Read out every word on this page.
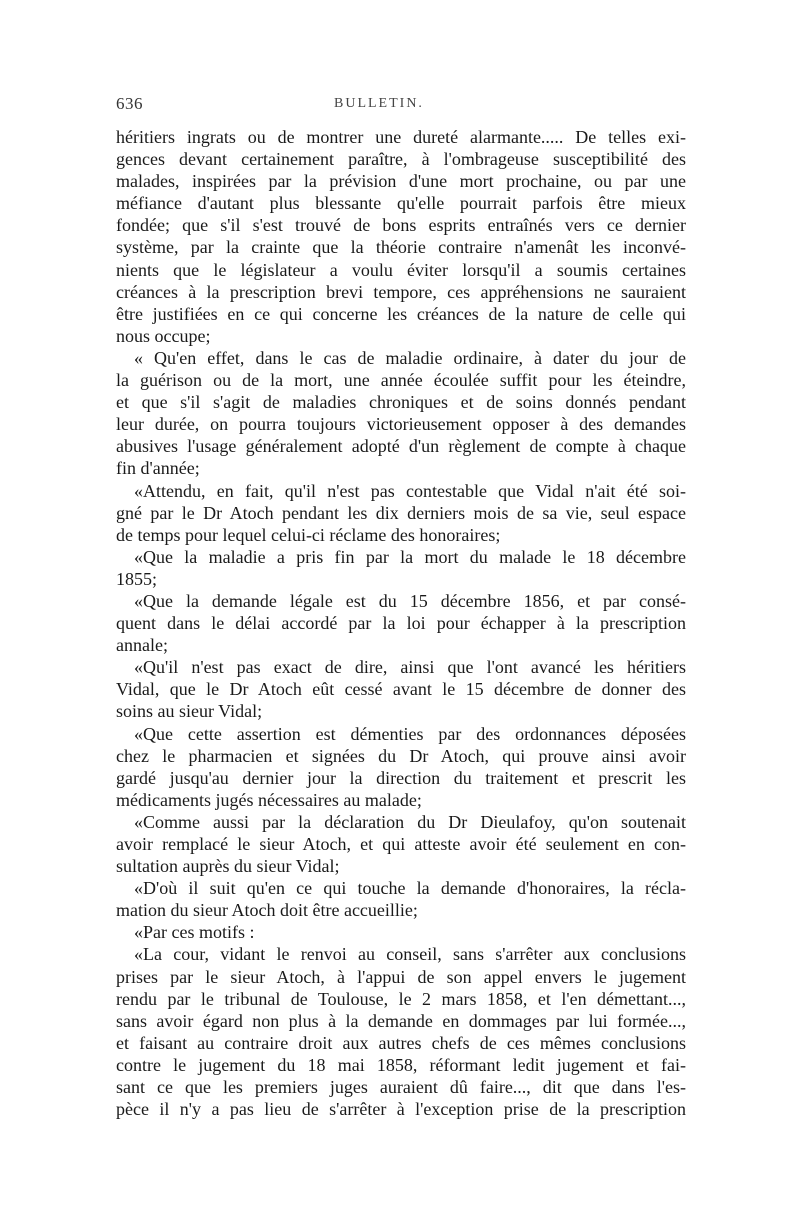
636	BULLETIN.
héritiers ingrats ou de montrer une dureté alarmante..... De telles exi-
gences devant certainement paraître, à l'ombrageuse susceptibilité des
malades, inspirées par la prévision d'une mort prochaine, ou par une
méfiance d'autant plus blessante qu'elle pourrait parfois être mieux
fondée; que s'il s'est trouvé de bons esprits entraînés vers ce dernier
système, par la crainte que la théorie contraire n'amenât les inconvé-
nients que le législateur a voulu éviter lorsqu'il a soumis certaines
créances à la prescription brevi tempore, ces appréhensions ne sauraient
être justifiées en ce qui concerne les créances de la nature de celle qui
nous occupe;
« Qu'en effet, dans le cas de maladie ordinaire, à dater du jour de
la guérison ou de la mort, une année écoulée suffit pour les éteindre,
et que s'il s'agit de maladies chroniques et de soins donnés pendant
leur durée, on pourra toujours victorieusement opposer à des demandes
abusives l'usage généralement adopté d'un règlement de compte à chaque
fin d'année;
«Attendu, en fait, qu'il n'est pas contestable que Vidal n'ait été soi-
gné par le Dr Atoch pendant les dix derniers mois de sa vie, seul espace
de temps pour lequel celui-ci réclame des honoraires;
«Que la maladie a pris fin par la mort du malade le 18 décembre
1855;
«Que la demande légale est du 15 décembre 1856, et par consé-
quent dans le délai accordé par la loi pour échapper à la prescription
annale;
«Qu'il n'est pas exact de dire, ainsi que l'ont avancé les héritiers
Vidal, que le Dr Atoch eût cessé avant le 15 décembre de donner des
soins au sieur Vidal;
«Que cette assertion est démenties par des ordonnances déposées
chez le pharmacien et signées du Dr Atoch, qui prouve ainsi avoir
gardé jusqu'au dernier jour la direction du traitement et prescrit les
médicaments jugés nécessaires au malade;
«Comme aussi par la déclaration du Dr Dieulafoy, qu'on soutenait
avoir remplacé le sieur Atoch, et qui atteste avoir été seulement en con-
sultation auprès du sieur Vidal;
«D'où il suit qu'en ce qui touche la demande d'honoraires, la récla-
mation du sieur Atoch doit être accueillie;
«Par ces motifs :
«La cour, vidant le renvoi au conseil, sans s'arrêter aux conclusions
prises par le sieur Atoch, à l'appui de son appel envers le jugement
rendu par le tribunal de Toulouse, le 2 mars 1858, et l'en démettant...,
sans avoir égard non plus à la demande en dommages par lui formée...,
et faisant au contraire droit aux autres chefs de ces mêmes conclusions
contre le jugement du 18 mai 1858, réformant ledit jugement et fai-
sant ce que les premiers juges auraient dû faire..., dit que dans l'es-
pèce il n'y a pas lieu de s'arrêter à l'exception prise de la prescription
